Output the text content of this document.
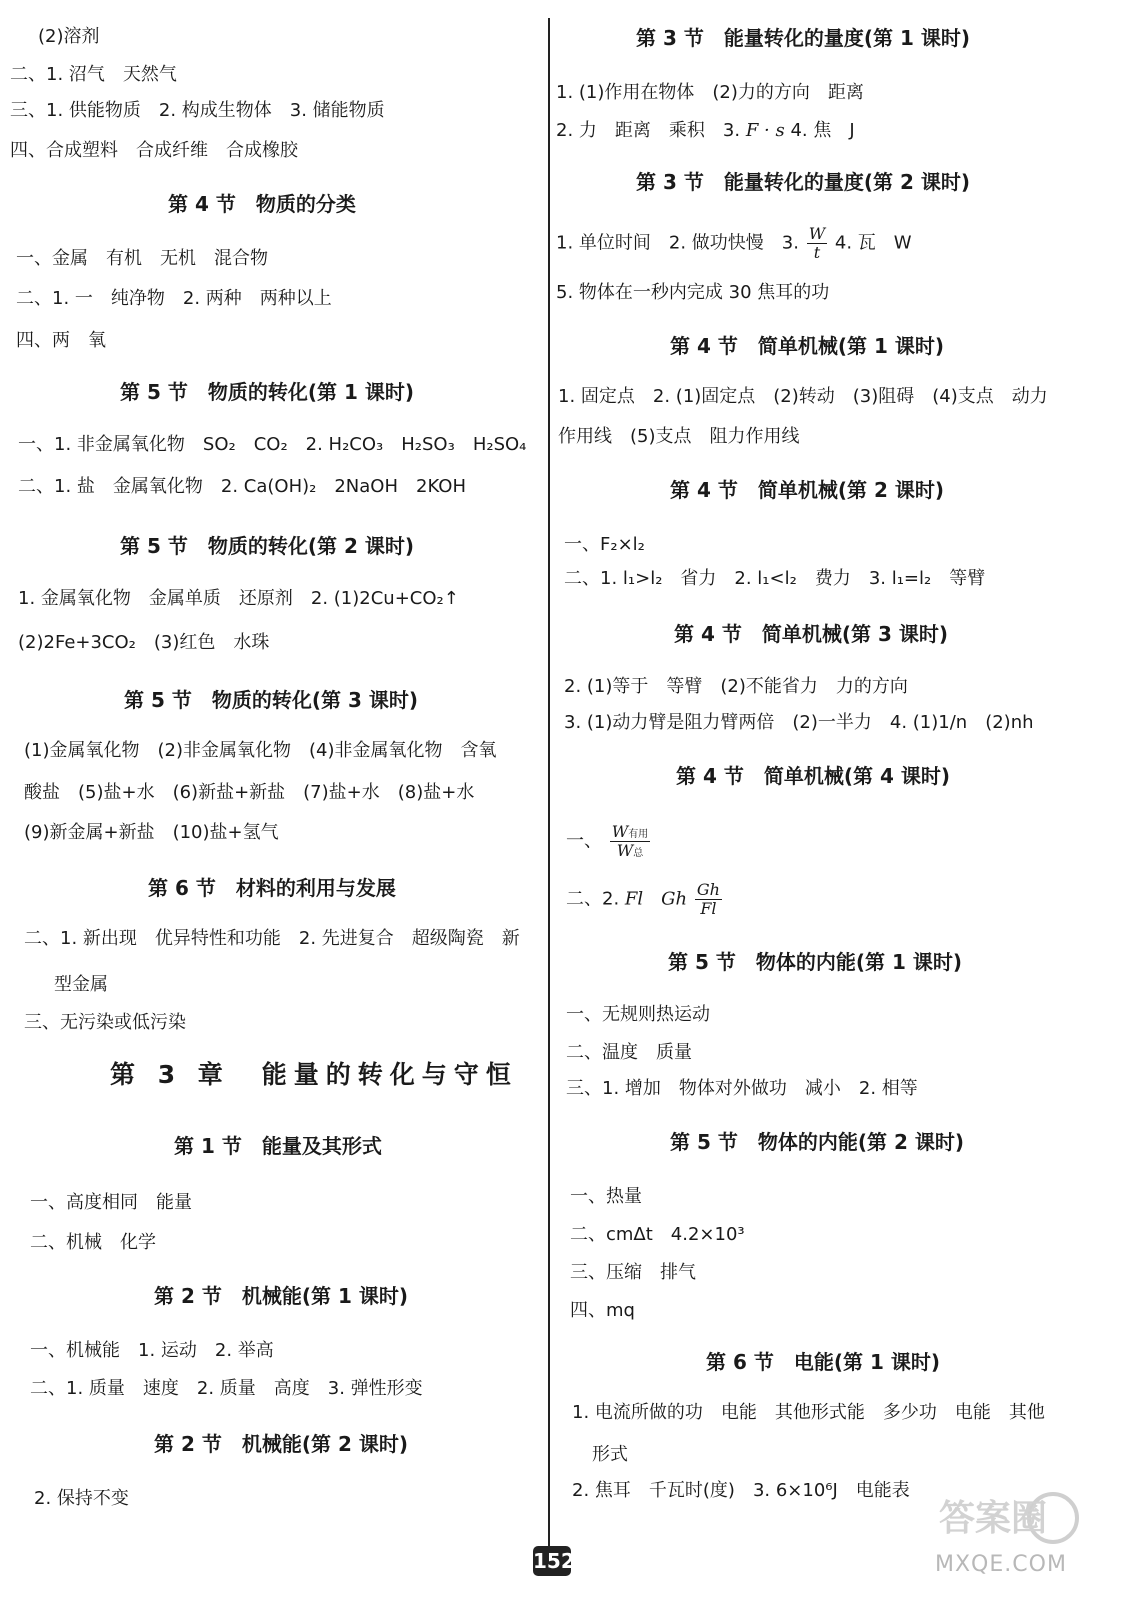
(2)溶剂
二、1. 沼气　天然气
三、1. 供能物质　2. 构成生物体　3. 储能物质
四、合成塑料　合成纤维　合成橡胶
第 4 节　物质的分类
一、金属　有机　无机　混合物
二、1. 一　纯净物　2. 两种　两种以上
四、两　氧
第 5 节　物质的转化(第 1 课时)
一、1. 非金属氧化物　SO₂　CO₂　2. H₂CO₃　H₂SO₃　H₂SO₄
二、1. 盐　金属氧化物　2. Ca(OH)₂　2NaOH　2KOH
第 5 节　物质的转化(第 2 课时)
1. 金属氧化物　金属单质　还原剂　2. (1)2Cu+CO₂↑
(2)2Fe+3CO₂　(3)红色　水珠
第 5 节　物质的转化(第 3 课时)
(1)金属氧化物　(2)非金属氧化物　(4)非金属氧化物　含氧
酸盐　(5)盐+水　(6)新盐+新盐　(7)盐+水　(8)盐+水
(9)新金属+新盐　(10)盐+氢气
第 6 节　材料的利用与发展
二、1. 新出现　优异特性和功能　2. 先进复合　超级陶瓷　新
型金属
三、无污染或低污染
第 3 章　能量的转化与守恒
第 1 节　能量及其形式
一、高度相同　能量
二、机械　化学
第 2 节　机械能(第 1 课时)
一、机械能　1. 运动　2. 举高
二、1. 质量　速度　2. 质量　高度　3. 弹性形变
第 2 节　机械能(第 2 课时)
2. 保持不变
第 3 节　能量转化的量度(第 1 课时)
1. (1)作用在物体　(2)力的方向　距离
2. 力　距离　乘积　3. F · s 4. 焦　J
第 3 节　能量转化的量度(第 2 课时)
1. 单位时间　2. 做功快慢　3. $\frac{W}{t} 4$. 瓦　W
5. 物体在一秒内完成 30 焦耳的功
第 4 节　简单机械(第 1 课时)
1. 固定点　2. (1)固定点　(2)转动　(3)阻碍　(4)支点　动力
作用线　(5)支点　阻力作用线
第 4 节　简单机械(第 2 课时)
一、F₂×l₂
二、1. l₁>l₂　省力　2. l₁<l₂　费力　3. l₁=l₂　等臂
第 4 节　简单机械(第 3 课时)
2. (1)等于　等臂　(2)不能省力　力的方向
3. (1)动力臂是阻力臂两倍　(2)一半力　4. (1)1/n　(2)nh
第 4 节　简单机械(第 4 课时)
一、 $\frac{\text{W有用}}{\text{W总}}$
二、2. Fl　Gh $\frac{Gh}{Fl}$
第 5 节　物体的内能(第 1 课时)
一、无规则热运动
二、温度　质量
三、1. 增加　物体对外做功　减小　2. 相等
第 5 节　物体的内能(第 2 课时)
一、热量
二、cmΔt　4.2×10³
三、压缩　排气
四、mq
第 6 节　电能(第 1 课时)
1. 电流所做的功　电能　其他形式能　多少功　电能　其他
形式
2. 焦耳　千瓦时(度)　3. 6×10⁶J　电能表
152
答案圈
MXQE.COM
